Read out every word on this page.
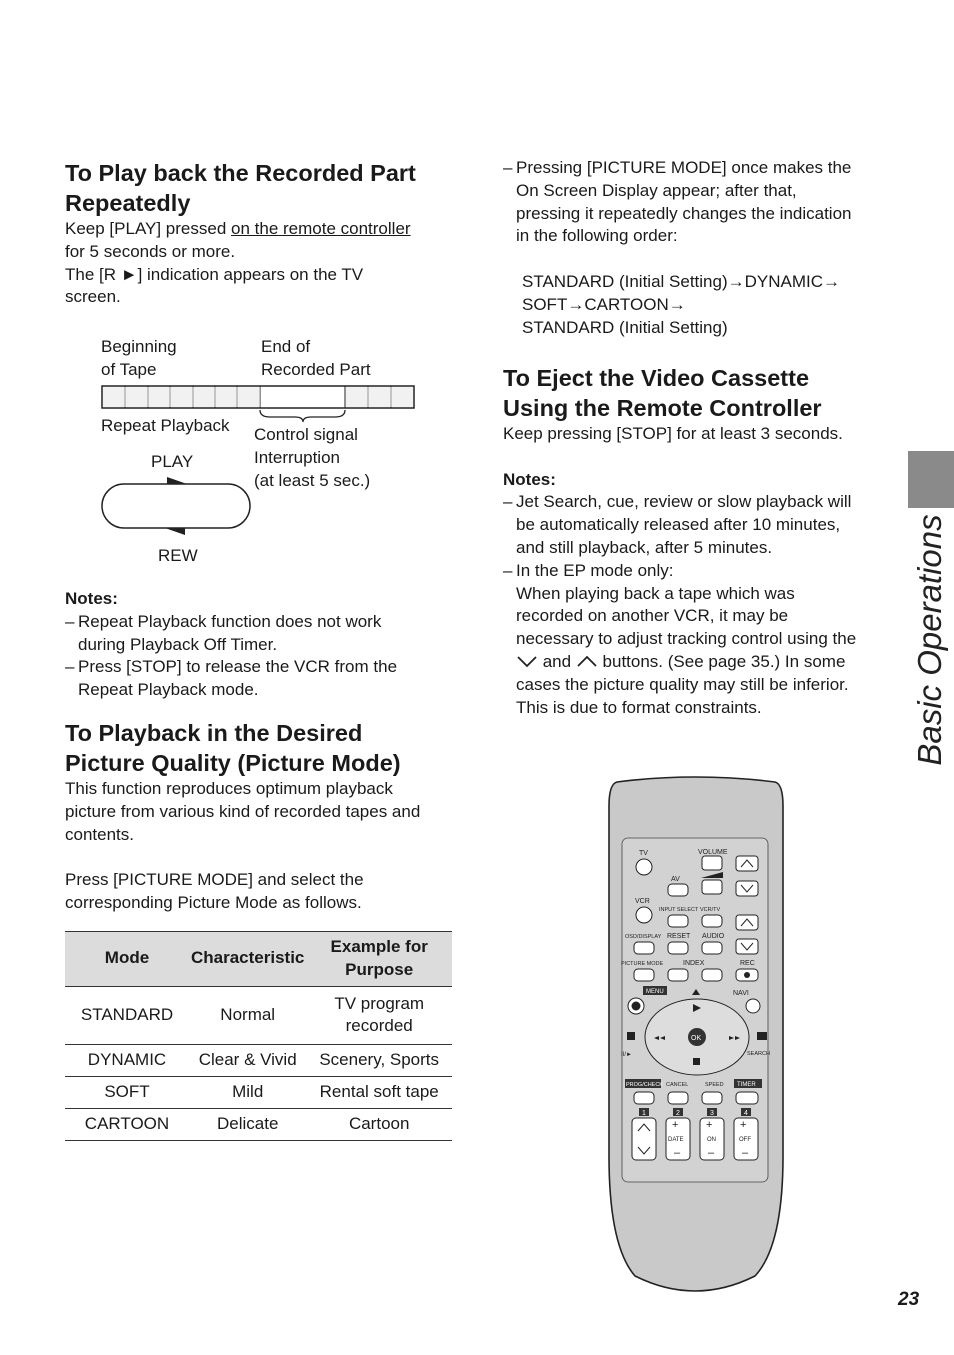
To Play back the Recorded Part
Repeatedly
Keep [PLAY] pressed on the remote controller
for 5 seconds or more.
The [R ►] indication appears on the TV
screen.
Beginning
of Tape
End of
Recorded Part
Repeat Playback Control signal
Interruption
(at least 5 sec.)
PLAY
REW
Notes:
– Repeat Playback function does not work
during Playback Off Timer.
– Press [STOP] to release the VCR from the
Repeat Playback mode.
To Playback in the Desired
Picture Quality (Picture Mode)
This function reproduces optimum playback
picture from various kind of recorded tapes and
contents.
Press [PICTURE MODE] and select the
corresponding Picture Mode as follows.
Mode	Characteristic	Example for
Purpose
STANDARD	Normal	TV program
recorded
DYNAMIC	Clear & Vivid	Scenery, Sports
SOFT	Mild	Rental soft tape
CARTOON	Delicate	Cartoon
– Pressing [PICTURE MODE] once makes the
On Screen Display appear; after that,
pressing it repeatedly changes the indication
in the following order:
STANDARD (Initial Setting)→DYNAMIC→
SOFT→CARTOON→
STANDARD (Initial Setting)
To Eject the Video Cassette
Using the Remote Controller
Keep pressing [STOP] for at least 3 seconds.
Notes:
– Jet Search, cue, review or slow playback will
be automatically released after 10 minutes,
and still playback, after 5 minutes.
– In the EP mode only:
When playing back a tape which was
recorded on another VCR, it may be
necessary to adjust tracking control using the
and  buttons. (See page 35.) In some
cases the picture quality may still be inferior.
This is due to format constraints.
TV	VOLUME
AV
VCR
INPUT SELECT VCR/TV
OSD/DISPLAY RESET AUDIO
PICTURE MODE	INDEX	REC
MENU	NAVI
OK
II/►	SEARCH
PROG/CHECK CANCEL	SPEED TIMER
1	2	3	4
+
DATE
–
+
ON
–
+
OFF
–
Basic Operations
23
